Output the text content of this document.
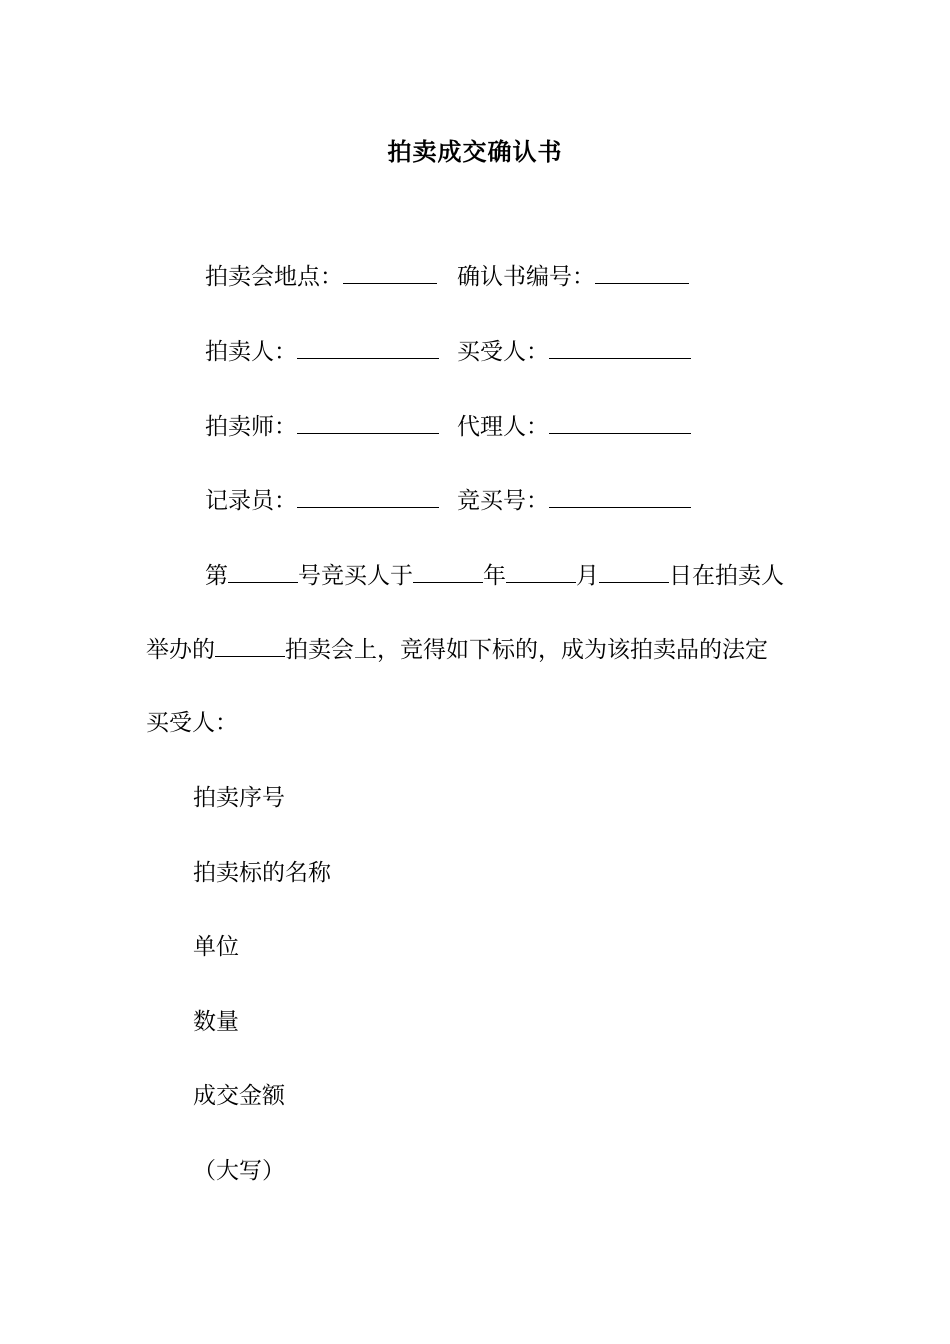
拍卖成交确认书
拍卖会地点：	确认书编号：
拍卖人：	买受人：
拍卖师：	代理人：
记录员：	竞买号：
第	号竞买人于	年	月	日在拍卖人
举办的	拍卖会上，竞得如下标的，成为该拍卖品的法定
买受人：
拍卖序号
拍卖标的名称
单位
数量
成交金额
（大写）
